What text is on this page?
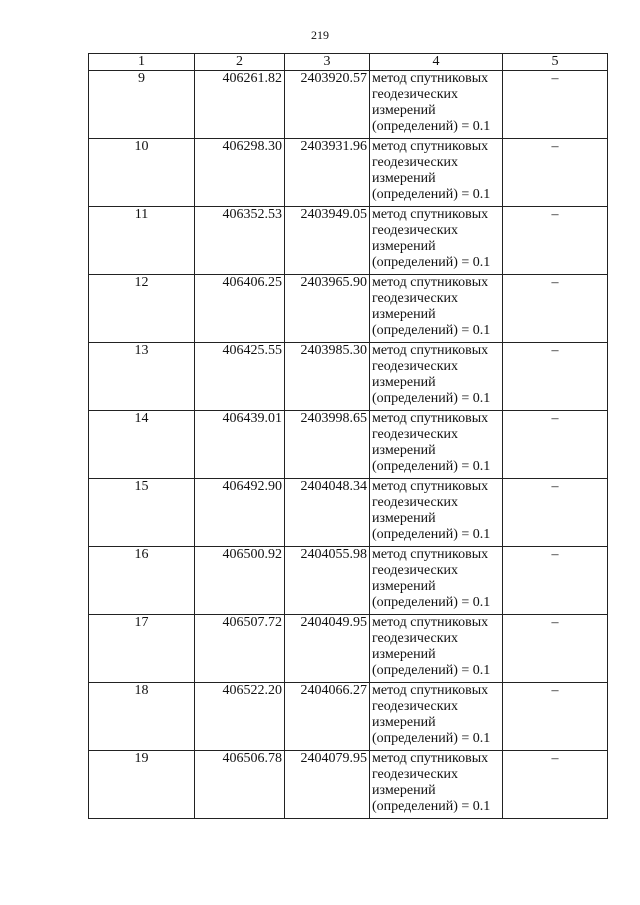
219
1	2	3	4	5
9	406261.82	2403920.57	метод спутниковых
геодезических
измерений
(определений) = 0.1	–
10	406298.30	2403931.96	метод спутниковых
геодезических
измерений
(определений) = 0.1	–
11	406352.53	2403949.05	метод спутниковых
геодезических
измерений
(определений) = 0.1	–
12	406406.25	2403965.90	метод спутниковых
геодезических
измерений
(определений) = 0.1	–
13	406425.55	2403985.30	метод спутниковых
геодезических
измерений
(определений) = 0.1	–
14	406439.01	2403998.65	метод спутниковых
геодезических
измерений
(определений) = 0.1	–
15	406492.90	2404048.34	метод спутниковых
геодезических
измерений
(определений) = 0.1	–
16	406500.92	2404055.98	метод спутниковых
геодезических
измерений
(определений) = 0.1	–
17	406507.72	2404049.95	метод спутниковых
геодезических
измерений
(определений) = 0.1	–
18	406522.20	2404066.27	метод спутниковых
геодезических
измерений
(определений) = 0.1	–
19	406506.78	2404079.95	метод спутниковых
геодезических
измерений
(определений) = 0.1	–
